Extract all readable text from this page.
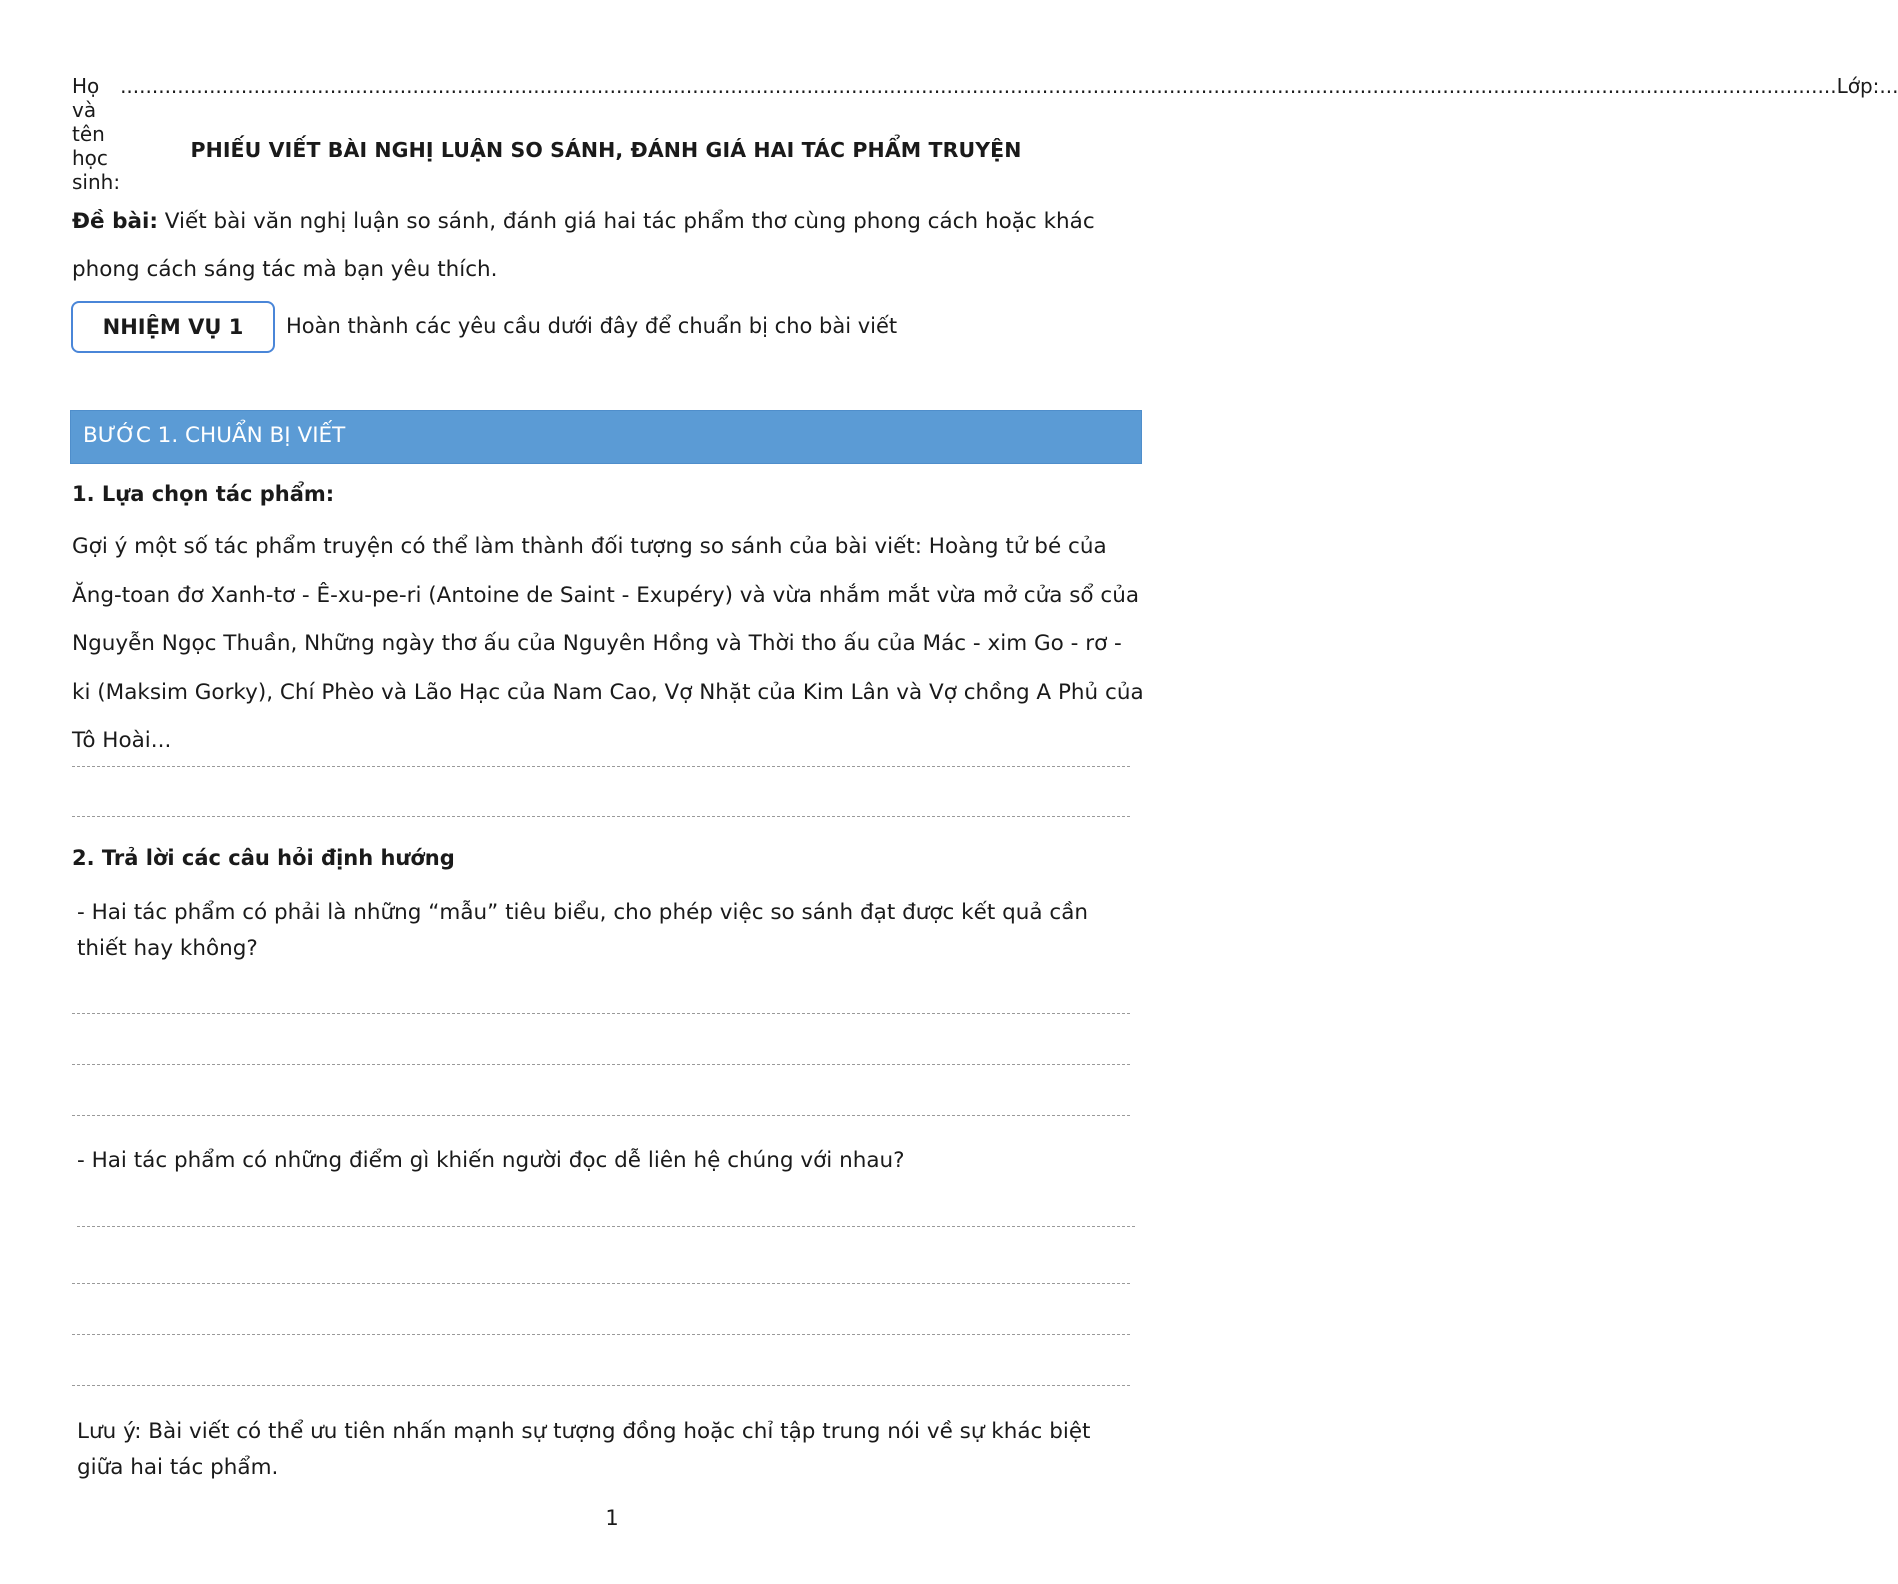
Họ và tên học sinh:
.............................................................................................................................................................................................................................................................................. Lớp:...
PHIẾU VIẾT BÀI NGHỊ LUẬN SO SÁNH, ĐÁNH GIÁ HAI TÁC PHẨM TRUYỆN
Đề bài: Viết bài văn nghị luận so sánh, đánh giá hai tác phẩm thơ cùng phong cách hoặc khác phong cách sáng tác mà bạn yêu thích.
NHIỆM VỤ 1	Hoàn thành các yêu cầu dưới đây để chuẩn bị cho bài viết
BƯỚC 1. CHUẨN BỊ VIẾT
1. Lựa chọn tác phẩm:
Gợi ý một số tác phẩm truyện có thể làm thành đối tượng so sánh của bài viết: Hoàng tử bé của Ăng-toan đơ Xanh-tơ - Ê-xu-pe-ri (Antoine de Saint - Exupéry) và vừa nhắm mắt vừa mở cửa sổ của Nguyễn Ngọc Thuần, Những ngày thơ ấu của Nguyên Hồng và Thời tho ấu của Mác - xim Go - rơ - ki (Maksim Gorky), Chí Phèo và Lão Hạc của Nam Cao, Vợ Nhặt của Kim Lân và Vợ chồng A Phủ của Tô Hoài...
2. Trả lời các câu hỏi định hướng
- Hai tác phẩm có phải là những “mẫu” tiêu biểu, cho phép việc so sánh đạt được kết quả cần thiết hay không?
- Hai tác phẩm có những điểm gì khiến người đọc dễ liên hệ chúng với nhau?
Lưu ý: Bài viết có thể ưu tiên nhấn mạnh sự tượng đồng hoặc chỉ tập trung nói về sự khác biệt giữa hai tác phẩm.
1
